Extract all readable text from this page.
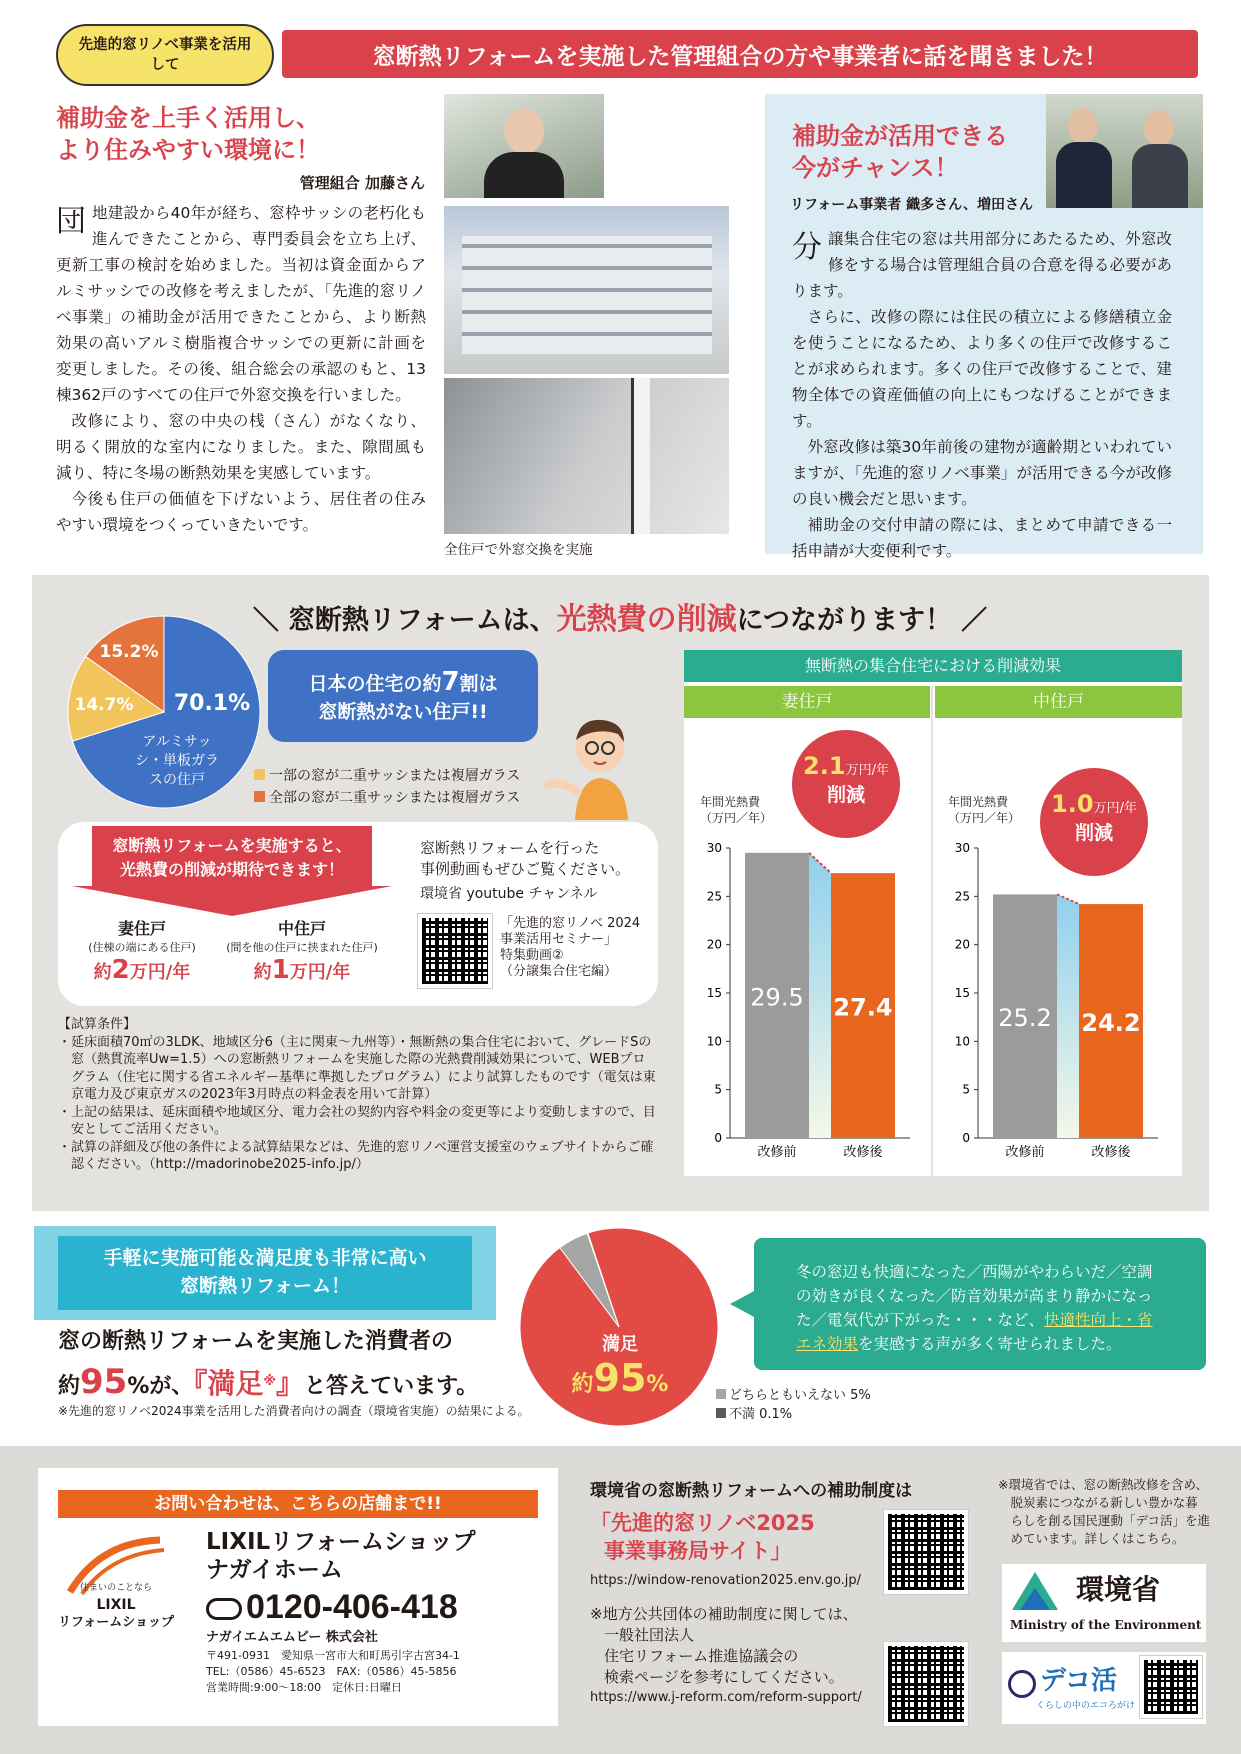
先進的窓リノベ事業を活用して	窓断熱リフォームを実施した管理組合の方や事業者に話を聞きました！
補助金を上手く活用し、
より住みやすい環境に！
管理組合 加藤さん
団地建設から40年が経ち、窓枠サッシの老朽化も進んできたことから、専門委員会を立ち上げ、更新工事の検討を始めました。当初は資金面からアルミサッシでの改修を考えましたが、「先進的窓リノベ事業」の補助金が活用できたことから、より断熱効果の高いアルミ樹脂複合サッシでの更新に計画を変更しました。その後、組合総会の承認のもと、13棟362戸のすべての住戸で外窓交換を行いました。

改修により、窓の中央の桟（さん）がなくなり、明るく開放的な室内になりました。また、隙間風も減り、特に冬場の断熱効果を実感しています。
今後も住戸の価値を下げないよう、居住者の住みやすい環境をつくっていきたいです。
全住戸で外窓交換を実施
補助金が活用できる
今がチャンス！
リフォーム事業者 織多さん、増田さん
分譲集合住宅の窓は共用部分にあたるため、外窓改修をする場合は管理組合員の合意を得る必要があります。

さらに、改修の際には住民の積立による修繕積立金を使うことになるため、より多くの住戸で改修することが求められます。多くの住戸で改修することで、建物全体での資産価値の向上にもつなげることができます。
外窓改修は築30年前後の建物が適齢期といわれていますが、「先進的窓リノベ事業」が活用できる今が改修の良い機会だと思います。
補助金の交付申請の際には、まとめて申請できる一括申請が大変便利です。
＼ 窓断熱リフォームは、光熱費の削減につながります！ ／
70.1%
14.7%
15.2%
アルミサッシ・単板ガラスの住戸
日本の住宅の約7割は
窓断熱がない住戸!!
一部の窓が二重サッシまたは複層ガラス
全部の窓が二重サッシまたは複層ガラス
窓断熱リフォームを実施すると、
光熱費の削減が期待できます！
妻住戸
(住棟の端にある住戸)
約2万円/年
中住戸
(間を他の住戸に挟まれた住戸)
約1万円/年
窓断熱リフォームを行った
事例動画もぜひご覧ください。
環境省 youtube チャンネル
「先進的窓リノベ 2024
事業活用セミナー」
特集動画②
（分譲集合住宅編）
【試算条件】
・延床面積70㎡の3LDK、地域区分6（主に関東～九州等）・無断熱の集合住宅において、グレードSの窓（熱貫流率Uw=1.5）への窓断熱リフォームを実施した際の光熱費削減効果について、WEBプログラム（住宅に関する省エネルギー基準に準拠したプログラム）により試算したものです（電気は東京電力及び東京ガスの2023年3月時点の料金表を用いて計算）
・上記の結果は、延床面積や地域区分、電力会社の契約内容や料金の変更等により変動しますので、目安としてご活用ください。
・試算の詳細及び他の条件による試算結果などは、先進的窓リノベ運営支援室のウェブサイトからご確認ください。（http://madorinobe2025-info.jp/）
無断熱の集合住宅における削減効果
妻住戸	中住戸
年間光熱費
（万円／年）
年間光熱費
（万円／年）
2.1万円/年
削減	1.0万円/年
削減
0
5
10
15
20
25
30
29.5
改修前
27.4
改修後
0
5
10
15
20
25
30
25.2
改修前
24.2
改修後
手軽に実施可能＆満足度も非常に高い
窓断熱リフォーム！
窓の断熱リフォームを実施した消費者の
約95%が、『満足※』と答えています。
※先進的窓リノベ2024事業を活用した消費者向けの調査（環境省実施）の結果による。
満足
約95%	どちらともいえない 5%
不満 0.1%
冬の窓辺も快適になった／西陽がやわらいだ／空調の効きが良くなった／防音効果が高まり静かになった／電気代が下がった・・・など、快適性向上・省エネ効果を実感する声が多く寄せられました。
お問い合わせは、こちらの店舗まで!!
住まいのことなら
LIXIL
リフォームショップ
LIXILリフォームショップ
ナガイホーム
0120-406-418
ナガイエムエムビー 株式会社
〒491-0931　愛知県一宮市大和町馬引字古宮34-1
TEL:（0586）45-6523　FAX:（0586）45-5856
営業時間:9:00～18:00　定休日:日曜日
環境省の窓断熱リフォームへの補助制度は
「先進的窓リノベ2025
事業事務局サイト」
https://window-renovation2025.env.go.jp/
※地方公共団体の補助制度に関しては、
一般社団法人
住宅リフォーム推進協議会の
検索ページを参考にしてください。
https://www.j-reform.com/reform-support/
※環境省では、窓の断熱改修を含め、脱炭素につながる新しい豊かな暮らしを創る国民運動「デコ活」を進めています。詳しくはこちら。
環境省
Ministry of the Environment
デコ活
くらしの中のエコろがけ
